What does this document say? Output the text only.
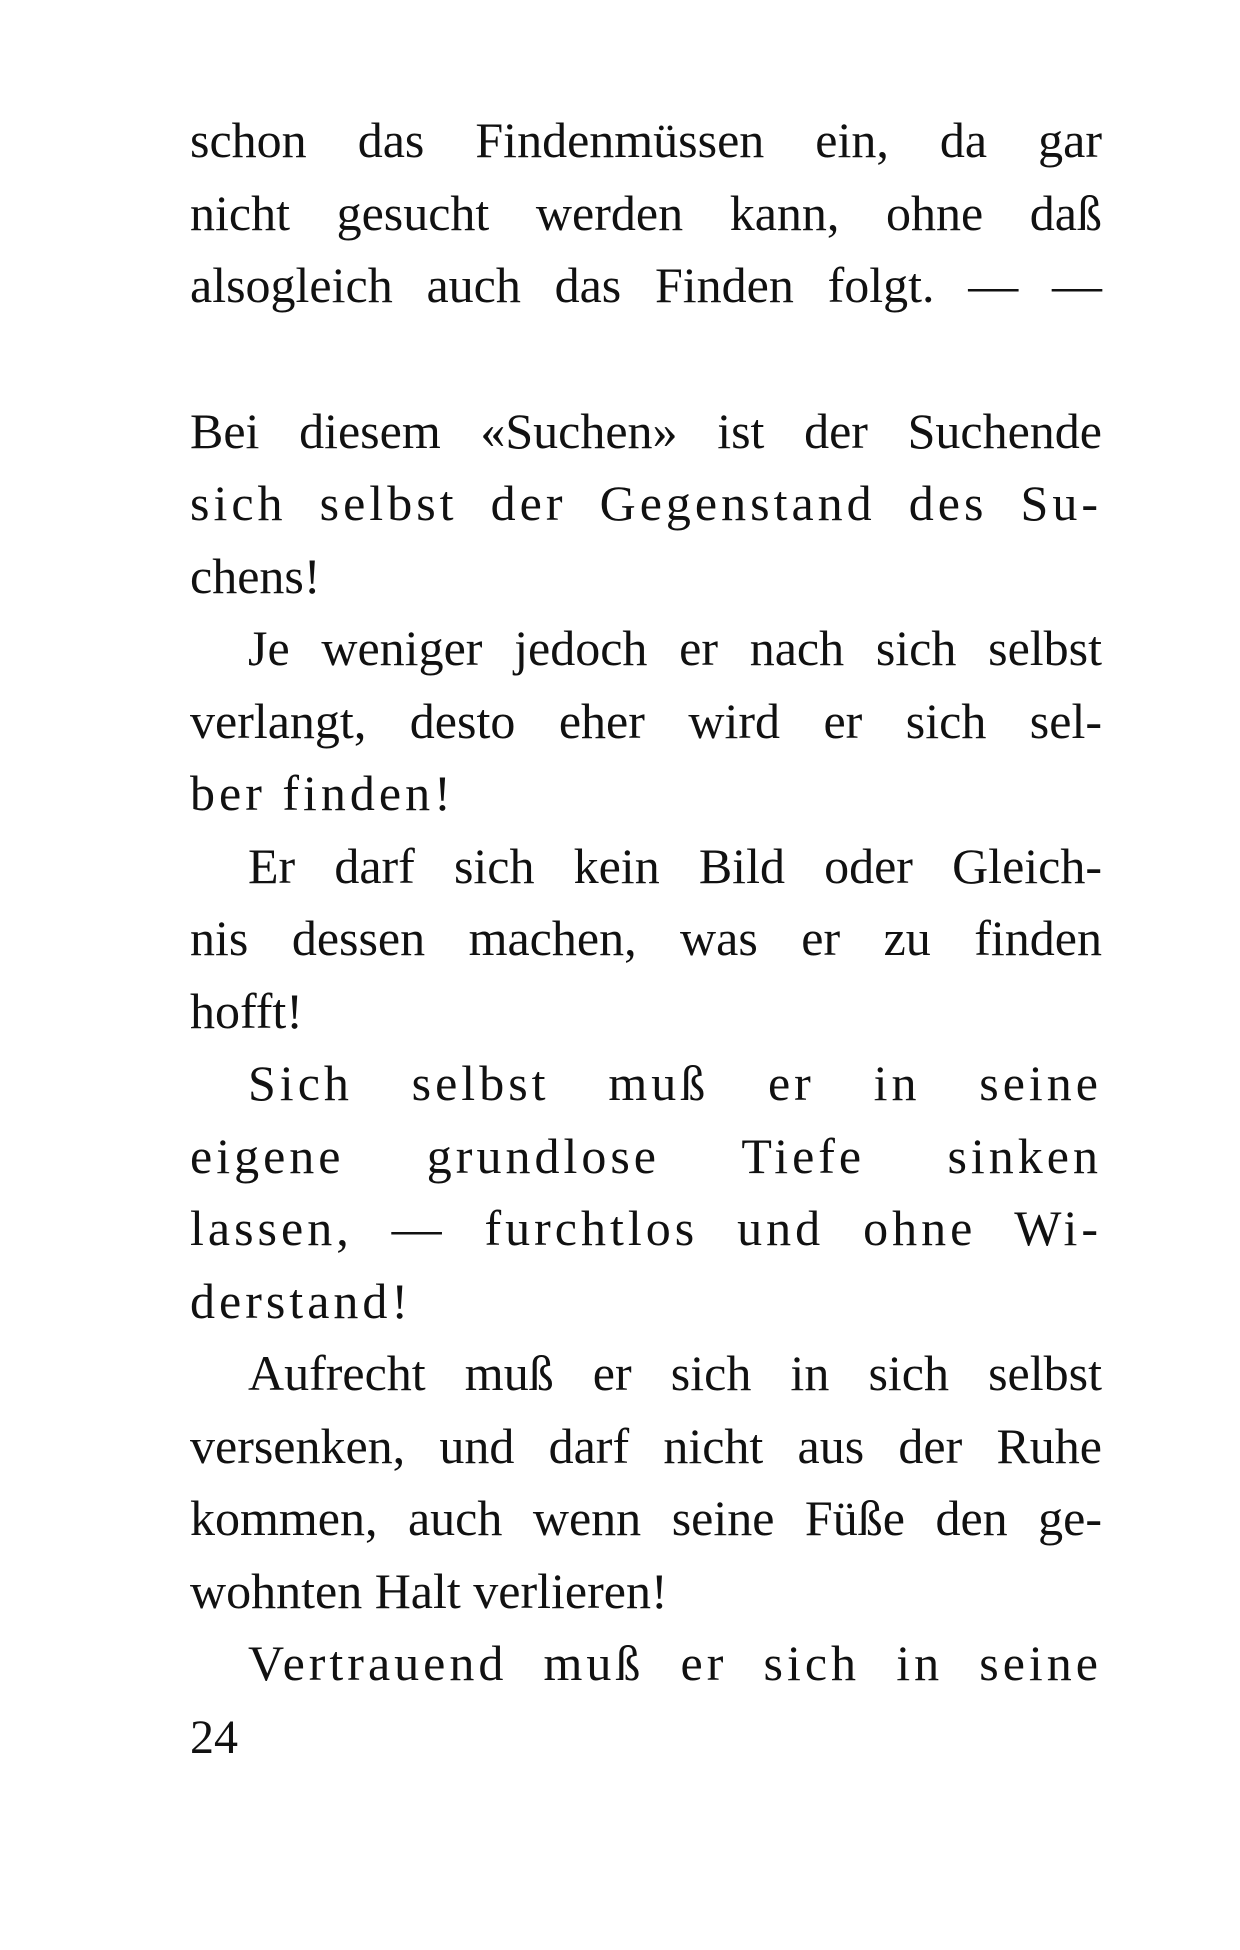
schon das Findenmüssen ein, da gar
nicht gesucht werden kann, ohne daß
alsogleich auch das Finden folgt. — —
Bei diesem «Suchen» ist der Suchende
sich selbst der Gegenstand des Su-
chens!
Je weniger jedoch er nach sich selbst
verlangt, desto eher wird er sich sel-
ber finden!
Er darf sich kein Bild oder Gleich-
nis dessen machen, was er zu finden
hofft!
Sich selbst muß er in seine
eigene grundlose Tiefe sinken
lassen, — furchtlos und ohne Wi-
derstand!
Aufrecht muß er sich in sich selbst
versenken, und darf nicht aus der Ruhe
kommen, auch wenn seine Füße den ge-
wohnten Halt verlieren!
Vertrauend muß er sich in seine
24
